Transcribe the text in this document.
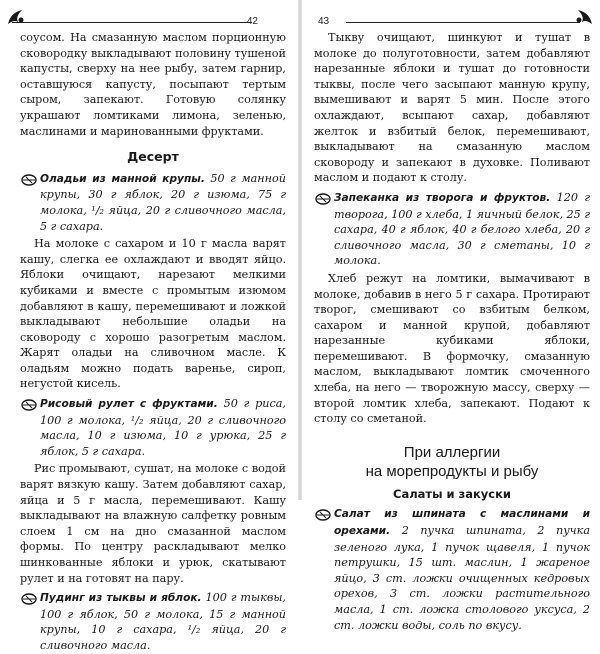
42

соусом. На смазанную маслом порционную сковородку выкладывают половину тушеной капусты, сверху на нее рыбу, затем гарнир, оставшуюся капусту, посыпают тертым сыром, запекают. Готовую солянку украшают ломтиками лимона, зеленью, маслинами и маринованными фруктами.

Десерт
Оладьи из манной крупы. 50 г манной крупы, 30 г яблок, 20 г изюма, 75 г молока, ¹/₂ яйца, 20 г сливочного масла, 5 г сахара.

На молоке с сахаром и 10 г масла варят кашу, слегка ее охлаждают и вводят яйцо. Яблоки очищают, нарезают мелкими кубиками и вместе с промытым изюмом добавляют в кашу, перемешивают и ложкой выкладывают небольшие оладьи на сковороду с хорошо разогретым маслом. Жарят оладьи на сливочном масле. К оладьям можно подать варенье, сироп, негустой кисель.

Рисовый рулет с фруктами. 50 г риса, 100 г молока, ¹/₂ яйца, 20 г сливочного масла, 10 г изюма, 10 г урюка, 25 г яблок, 5 г сахара.

Рис промывают, сушат, на молоке с водой варят вязкую кашу. Затем добавляют сахар, яйца и 5 г масла, перемешивают. Кашу выкладывают на влажную салфетку ровным слоем 1 см на дно смазанной маслом формы. По центру раскладывают мелко шинкованные яблоки и урюк, скатывают рулет и на готовят на пару.

Пудинг из тыквы и яблок. 100 г тыквы, 100 г яблок, 50 г молока, 15 г манной крупы, 10 г сахара, ¹/₂ яйца, 20 г сливочного масла.
43

Тыкву очищают, шинкуют и тушат в молоке до полуготовности, затем добавляют нарезанные яблоки и тушат до готовности тыквы, после чего засыпают манную крупу, вымешивают и варят 5 мин. После этого охлаждают, всыпают сахар, добавляют желток и взбитый белок, перемешивают, выкладывают на смазанную маслом сковороду и запекают в духовке. Поливают маслом и подают к столу.

Запеканка из творога и фруктов. 120 г творога, 100 г хлеба, 1 яичный белок, 25 г сахара, 40 г яблок, 40 г белого хлеба, 20 г сливочного масла, 30 г сметаны, 10 г молока.

Хлеб режут на ломтики, вымачивают в молоке, добавив в него 5 г сахара. Протирают творог, смешивают со взбитым белком, сахаром и манной крупой, добавляют нарезанные кубиками яблоки, перемешивают. В формочку, смазанную маслом, выкладывают ломтик смоченного хлеба, на него — творожную массу, сверху — второй ломтик хлеба, запекают. Подают к столу со сметаной.

При аллергии
на морепродукты и рыбу
Салаты и закуски
Салат из шпината с маслинами и орехами. 2 пучка шпината, 2 пучка зеленого лука, 1 пучок щавеля, 1 пучок петрушки, 15 шт. маслин, 1 жареное яйцо, 3 ст. ложки очищенных кедровых орехов, 3 ст. ложки растительного масла, 1 ст. ложка столового уксуса, 2 ст. ложки воды, соль по вкусу.
